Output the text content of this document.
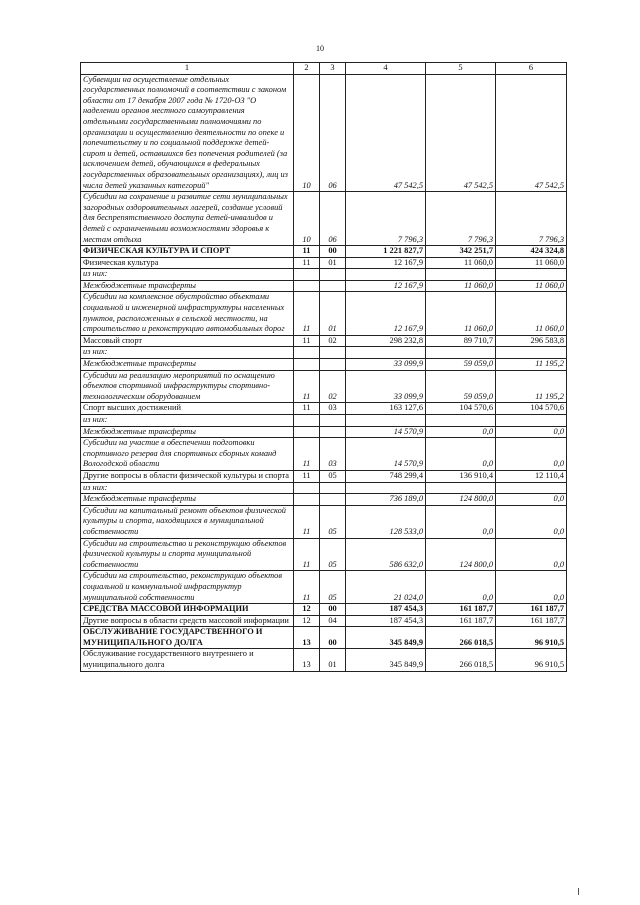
10
1	2	3	4	5	6
Субвенции на осуществление отдельных государственных полномочий в соответствии с законом области от 17 декабря 2007 года № 1720-ОЗ "О наделении органов местного самоуправления отдельными государственными полномочиями по организации и осуществлению деятельности по опеке и попечительству и по социальной поддержке детей-сирот и детей, оставшихся без попечения родителей (за исключением детей, обучающихся в федеральных государственных образовательных организациях), лиц из числа детей указанных категорий"	10	06	47 542,5	47 542,5	47 542,5
Субсидии на сохранение и развитие сети муниципальных загородных оздоровительных лагерей, создание условий для беспрепятственного доступа детей-инвалидов и детей с ограниченными возможностями здоровья к местам отдыха	10	06	7 796,3	7 796,3	7 796,3
ФИЗИЧЕСКАЯ КУЛЬТУРА И СПОРТ	11	00	1 221 827,7	342 251,7	424 324,8
Физическая культура	11	01	12 167,9	11 060,0	11 060,0
из них:					
Межбюджетные трансферты			12 167,9	11 060,0	11 060,0
Субсидии на комплексное обустройство объектами социальной и инженерной инфраструктуры населенных пунктов, расположенных в сельской местности, на строительство и реконструкцию автомобильных дорог	11	01	12 167,9	11 060,0	11 060,0
Массовый спорт	11	02	298 232,8	89 710,7	296 583,8
из них:					
Межбюджетные трансферты			33 099,9	59 059,0	11 195,2
Субсидии на реализацию мероприятий по оснащению объектов спортивной инфраструктуры спортивно-технологическим оборудованием	11	02	33 099,9	59 059,0	11 195,2
Спорт высших достижений	11	03	163 127,6	104 570,6	104 570,6
из них:					
Межбюджетные трансферты			14 570,9	0,0	0,0
Субсидии на участие в обеспечении подготовки спортивного резерва для спортивных сборных команд Вологодской области	11	03	14 570,9	0,0	0,0
Другие вопросы в области физической культуры и спорта	11	05	748 299,4	136 910,4	12 110,4
из них:					
Межбюджетные трансферты			736 189,0	124 800,0	0,0
Субсидии на капитальный ремонт объектов физической культуры и спорта, находящихся в муниципальной собственности	11	05	128 533,0	0,0	0,0
Субсидии на строительство и реконструкцию объектов физической культуры и спорта муниципальной собственности	11	05	586 632,0	124 800,0	0,0
Субсидии на строительство, реконструкцию объектов социальной и коммунальной инфраструктур муниципальной собственности	11	05	21 024,0	0,0	0,0
СРЕДСТВА МАССОВОЙ ИНФОРМАЦИИ	12	00	187 454,3	161 187,7	161 187,7
Другие вопросы в области средств массовой информации	12	04	187 454,3	161 187,7	161 187,7
ОБСЛУЖИВАНИЕ ГОСУДАРСТВЕННОГО И МУНИЦИПАЛЬНОГО ДОЛГА	13	00	345 849,9	266 018,5	96 910,5
Обслуживание государственного внутреннего и муниципального долга	13	01	345 849,9	266 018,5	96 910,5
